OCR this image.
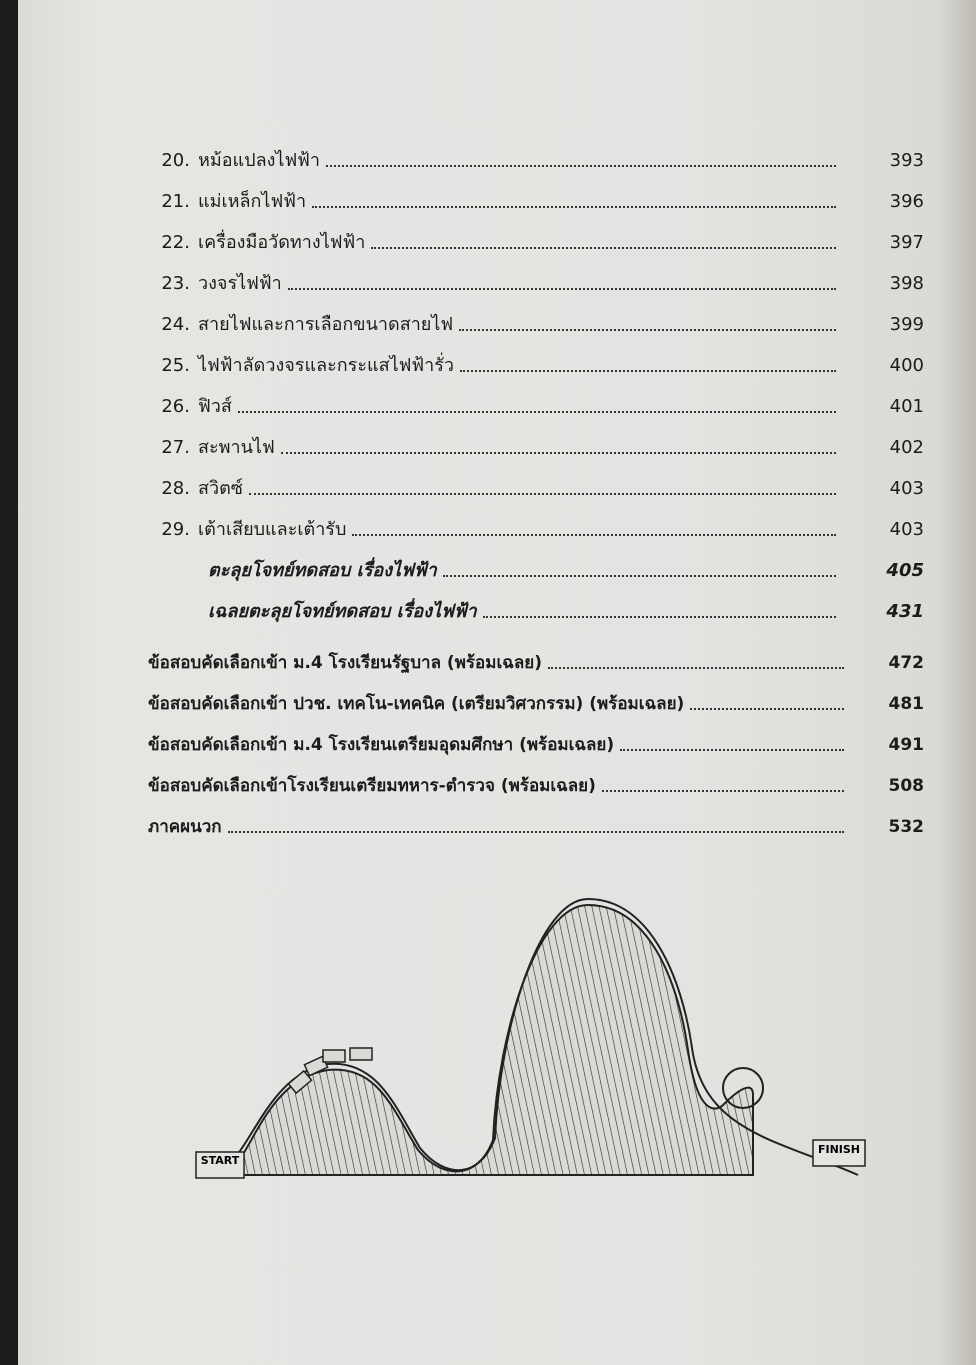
20. หม้อแปลงไฟฟ้า	393
21. แม่เหล็กไฟฟ้า	396
22. เครื่องมือวัดทางไฟฟ้า	397
23. วงจรไฟฟ้า	398
24. สายไฟและการเลือกขนาดสายไฟ	399
25. ไฟฟ้าลัดวงจรและกระแสไฟฟ้ารั่ว	400
26. ฟิวส์	401
27. สะพานไฟ	402
28. สวิตซ์	403
29. เต้าเสียบและเต้ารับ	403
ตะลุยโจทย์ทดสอบ เรื่องไฟฟ้า	405
เฉลยตะลุยโจทย์ทดสอบ เรื่องไฟฟ้า	431
ข้อสอบคัดเลือกเข้า ม.4 โรงเรียนรัฐบาล (พร้อมเฉลย)	472
ข้อสอบคัดเลือกเข้า ปวช. เทคโน-เทคนิค (เตรียมวิศวกรรม) (พร้อมเฉลย)	481
ข้อสอบคัดเลือกเข้า ม.4 โรงเรียนเตรียมอุดมศึกษา (พร้อมเฉลย)	491
ข้อสอบคัดเลือกเข้าโรงเรียนเตรียมทหาร-ตำรวจ (พร้อมเฉลย)	508
ภาคผนวก	532
START
FINISH
